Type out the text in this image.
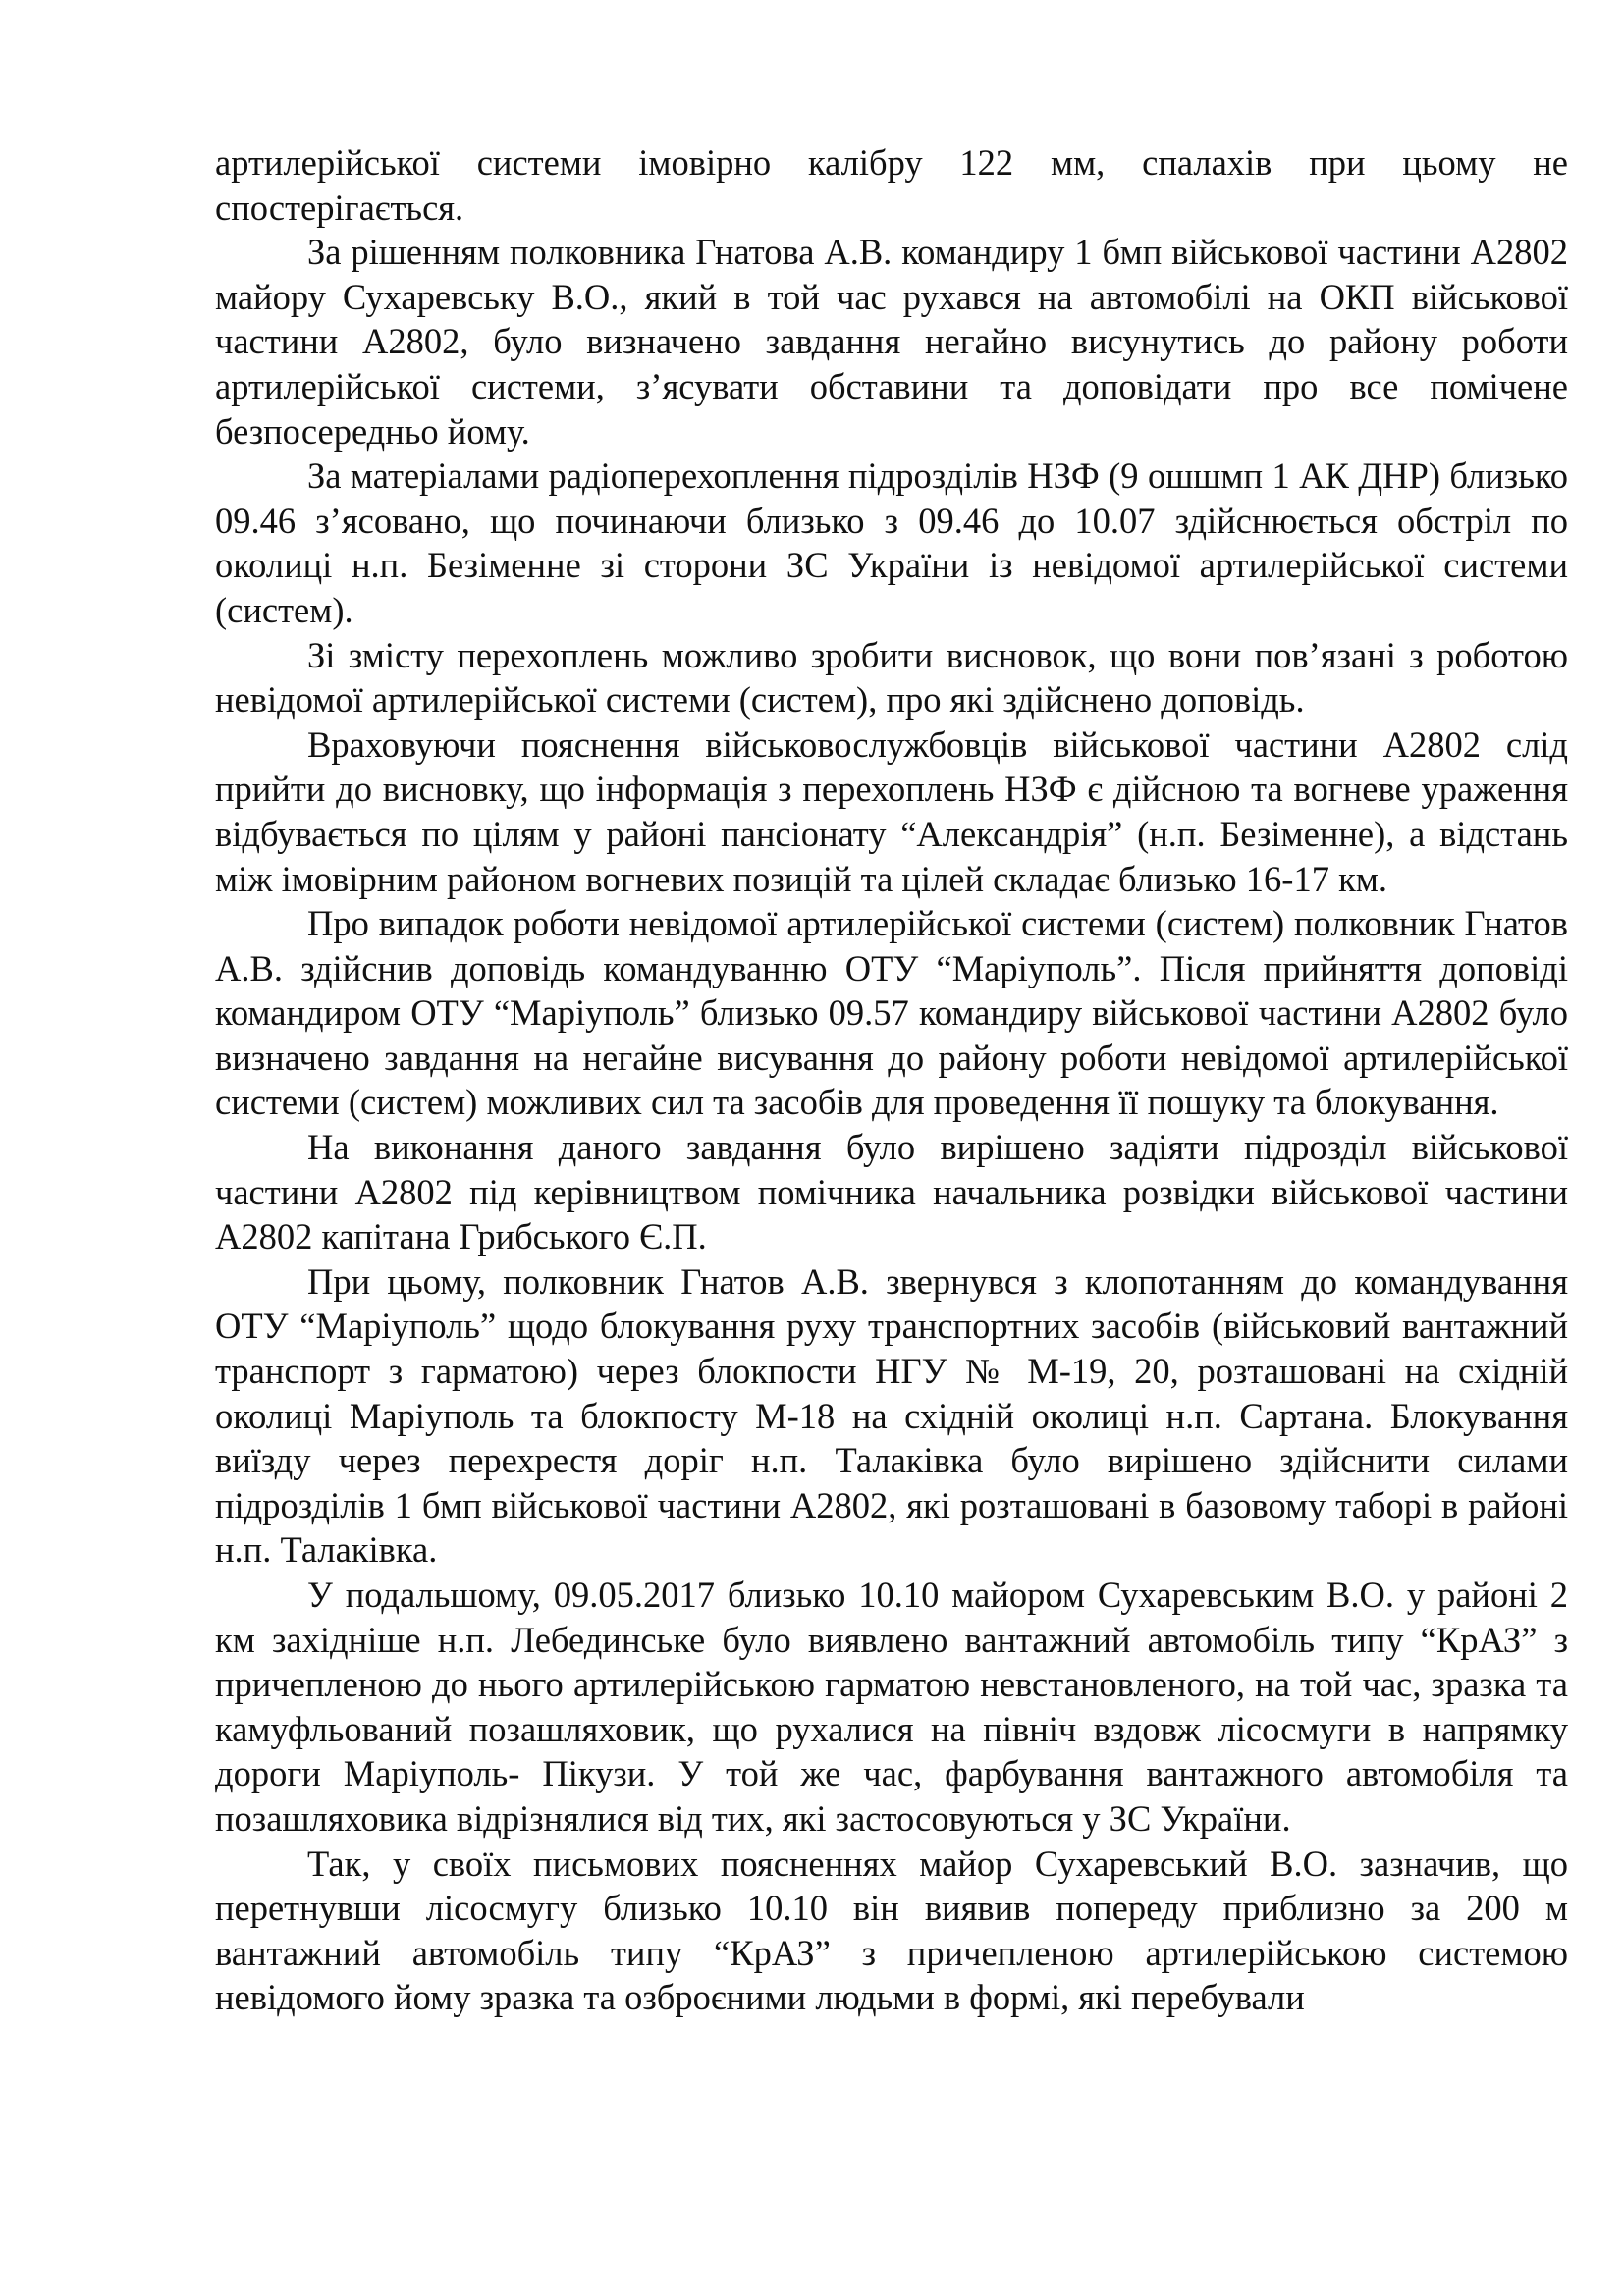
артилерійської системи імовірно калібру 122 мм, спалахів при цьому не спостерігається.

За рішенням полковника Гнатова А.В. командиру 1 бмп військової частини А2802 майору Сухаревську В.О., який в той час рухався на автомобілі на ОКП військової частини А2802, було визначено завдання негайно висунутись до району роботи артилерійської системи, з’ясувати обставини та доповідати про все помічене безпосередньо йому.

За матеріалами радіоперехоплення підрозділів НЗФ (9 ошшмп 1 АК ДНР) близько 09.46 з’ясовано, що починаючи близько з 09.46 до 10.07 здійснюється обстріл по околиці н.п. Безіменне зі сторони ЗС України із невідомої артилерійської системи (систем).

Зі змісту перехоплень можливо зробити висновок, що вони пов’язані з роботою невідомої артилерійської системи (систем), про які здійснено доповідь.

Враховуючи пояснення військовослужбовців військової частини А2802 слід прийти до висновку, що інформація з перехоплень НЗФ є дійсною та вогневе ураження відбувається по цілям у районі пансіонату “Александрія” (н.п. Безіменне), а відстань між імовірним районом вогневих позицій та цілей складає близько 16-17 км.

Про випадок роботи невідомої артилерійської системи (систем) полковник Гнатов А.В. здійснив доповідь командуванню ОТУ “Маріуполь”. Після прийняття доповіді командиром ОТУ “Маріуполь” близько 09.57 командиру військової частини А2802 було визначено завдання на негайне висування до району роботи невідомої артилерійської системи (систем) можливих сил та засобів для проведення її пошуку та блокування.

На виконання даного завдання було вирішено задіяти підрозділ військової частини А2802 під керівництвом помічника начальника розвідки військової частини А2802 капітана Грибського Є.П.

При цьому, полковник Гнатов А.В. звернувся з клопотанням до командування ОТУ “Маріуполь” щодо блокування руху транспортних засобів (військовий вантажний транспорт з гарматою) через блокпости НГУ № М-19, 20, розташовані на східній околиці Маріуполь та блокпосту М-18 на східній околиці н.п. Сартана. Блокування виїзду через перехрестя доріг н.п. Талаківка було вирішено здійснити силами підрозділів 1 бмп військової частини А2802, які розташовані в базовому таборі в районі н.п. Талаківка.

У подальшому, 09.05.2017 близько 10.10 майором Сухаревським В.О. у районі 2 км західніше н.п. Лебединське було виявлено вантажний автомобіль типу “КрАЗ” з причепленою до нього артилерійською гарматою невстановленого, на той час, зразка та камуфльований позашляховик, що рухалися на північ вздовж лісосмуги в напрямку дороги Маріуполь- Пікузи. У той же час, фарбування вантажного автомобіля та позашляховика відрізнялися від тих, які застосовуються у ЗС України.

Так, у своїх письмових поясненнях майор Сухаревський В.О. зазначив, що перетнувши лісосмугу близько 10.10 він виявив попереду приблизно за 200 м вантажний автомобіль типу “КрАЗ” з причепленою артилерійською системою невідомого йому зразка та озброєними людьми в формі, які перебували
